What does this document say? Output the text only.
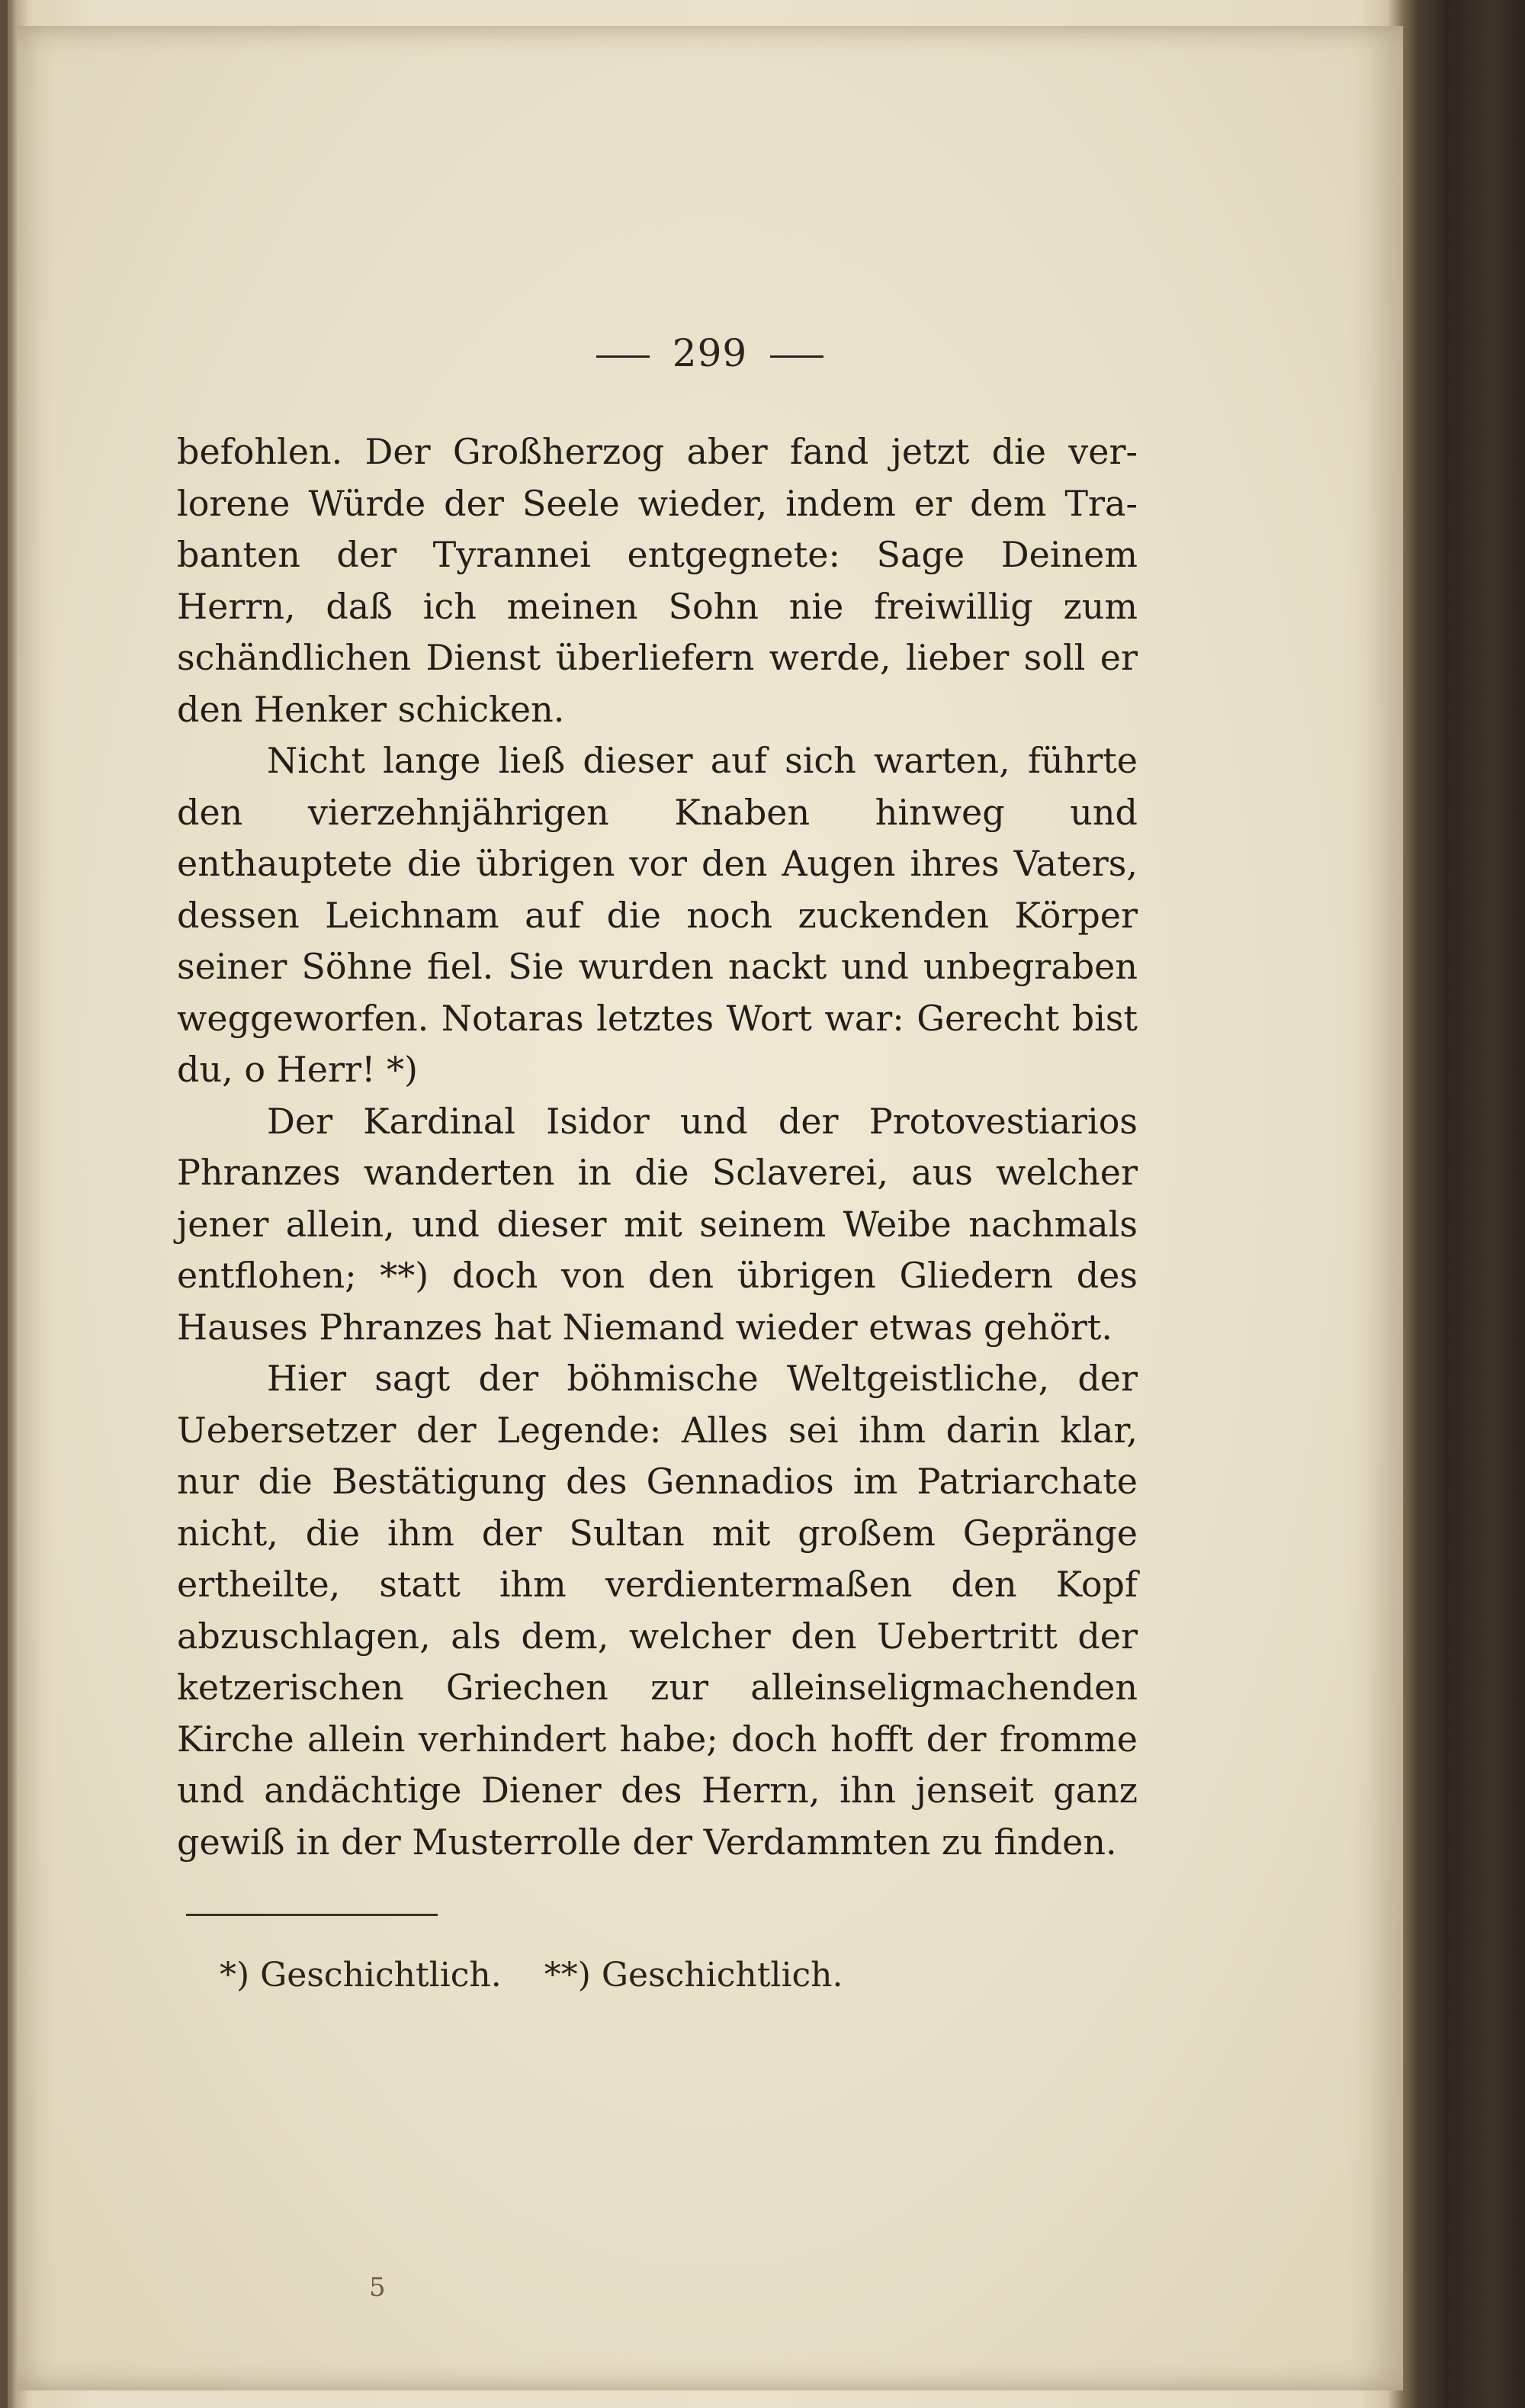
299

befohlen. Der Großherzog aber fand jetzt die verlorene Würde der Seele wieder, indem er dem Trabanten der Tyrannei entgegnete: Sage Deinem Herrn, daß ich meinen Sohn nie freiwillig zum schändlichen Dienst überliefern werde, lieber soll er den Henker schicken.

Nicht lange ließ dieser auf sich warten, führte den vierzehnjährigen Knaben hinweg und enthauptete die übrigen vor den Augen ihres Vaters, dessen Leichnam auf die noch zuckenden Körper seiner Söhne fiel. Sie wurden nackt und unbegraben weggeworfen. Notaras letztes Wort war: Gerecht bist du, o Herr! *)

Der Kardinal Isidor und der Protovestiarios Phranzes wanderten in die Sclaverei, aus welcher jener allein, und dieser mit seinem Weibe nachmals entflohen; **) doch von den übrigen Gliedern des Hauses Phranzes hat Niemand wieder etwas gehört.

Hier sagt der böhmische Weltgeistliche, der Uebersetzer der Legende: Alles sei ihm darin klar, nur die Bestätigung des Gennadios im Patriarchate nicht, die ihm der Sultan mit großem Gepränge ertheilte, statt ihm verdientermaßen den Kopf abzuschlagen, als dem, welcher den Uebertritt der ketzerischen Griechen zur alleinseligmachenden Kirche allein verhindert habe; doch hofft der fromme und andächtige Diener des Herrn, ihn jenseit ganz gewiß in der Musterrolle der Verdammten zu finden.

*) Geschichtlich. **) Geschichtlich.
5
